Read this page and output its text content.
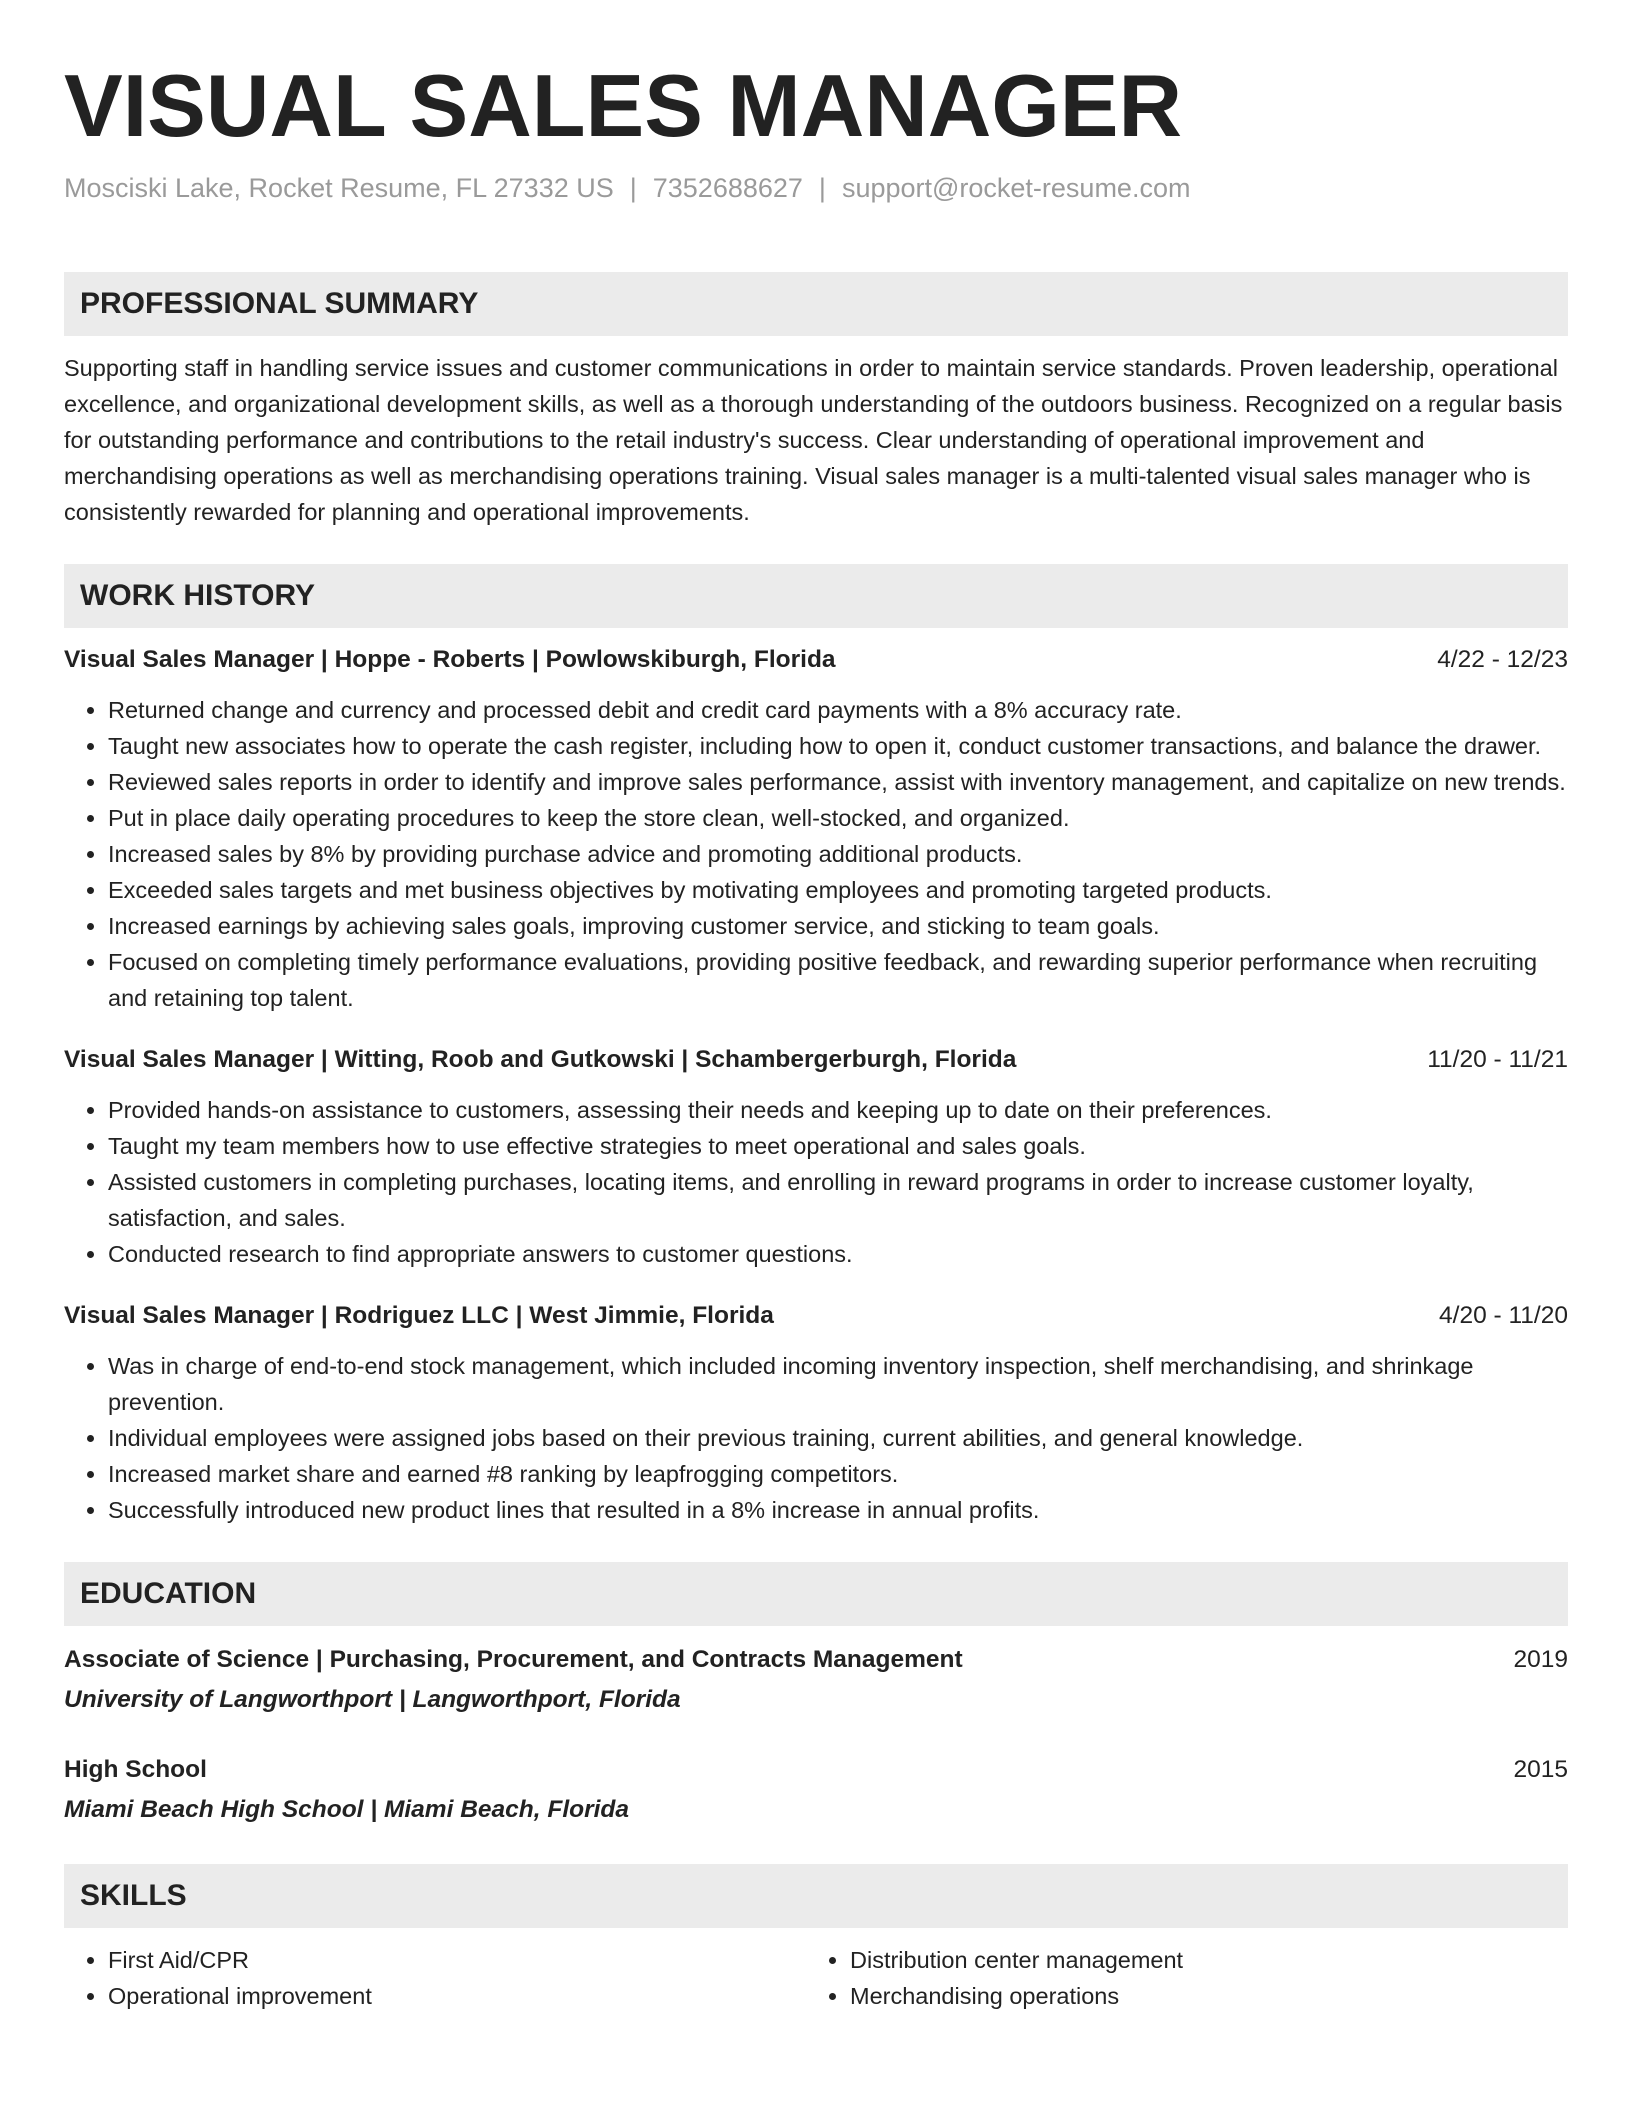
VISUAL SALES MANAGER
Mosciski Lake, Rocket Resume, FL 27332 US | 7352688627 | support@rocket-resume.com
PROFESSIONAL SUMMARY
Supporting staff in handling service issues and customer communications in order to maintain service standards. Proven leadership, operational excellence, and organizational development skills, as well as a thorough understanding of the outdoors business. Recognized on a regular basis for outstanding performance and contributions to the retail industry's success. Clear understanding of operational improvement and merchandising operations as well as merchandising operations training. Visual sales manager is a multi-talented visual sales manager who is consistently rewarded for planning and operational improvements.
WORK HISTORY
Visual Sales Manager | Hoppe - Roberts | Powlowskiburgh, Florida	4/22 - 12/23
• Returned change and currency and processed debit and credit card payments with a 8% accuracy rate.
• Taught new associates how to operate the cash register, including how to open it, conduct customer transactions, and balance the drawer.
• Reviewed sales reports in order to identify and improve sales performance, assist with inventory management, and capitalize on new trends.
• Put in place daily operating procedures to keep the store clean, well-stocked, and organized.
• Increased sales by 8% by providing purchase advice and promoting additional products.
• Exceeded sales targets and met business objectives by motivating employees and promoting targeted products.
• Increased earnings by achieving sales goals, improving customer service, and sticking to team goals.
• Focused on completing timely performance evaluations, providing positive feedback, and rewarding superior performance when recruiting and retaining top talent.
Visual Sales Manager | Witting, Roob and Gutkowski | Schambergerburgh, Florida	11/20 - 11/21
• Provided hands-on assistance to customers, assessing their needs and keeping up to date on their preferences.
• Taught my team members how to use effective strategies to meet operational and sales goals.
• Assisted customers in completing purchases, locating items, and enrolling in reward programs in order to increase customer loyalty, satisfaction, and sales.
• Conducted research to find appropriate answers to customer questions.
Visual Sales Manager | Rodriguez LLC | West Jimmie, Florida	4/20 - 11/20
• Was in charge of end-to-end stock management, which included incoming inventory inspection, shelf merchandising, and shrinkage prevention.
• Individual employees were assigned jobs based on their previous training, current abilities, and general knowledge.
• Increased market share and earned #8 ranking by leapfrogging competitors.
• Successfully introduced new product lines that resulted in a 8% increase in annual profits.
EDUCATION
Associate of Science | Purchasing, Procurement, and Contracts Management	2019
University of Langworthport | Langworthport, Florida
High School	2015
Miami Beach High School | Miami Beach, Florida
SKILLS
• First Aid/CPR
• Operational improvement
• Distribution center management
• Merchandising operations
